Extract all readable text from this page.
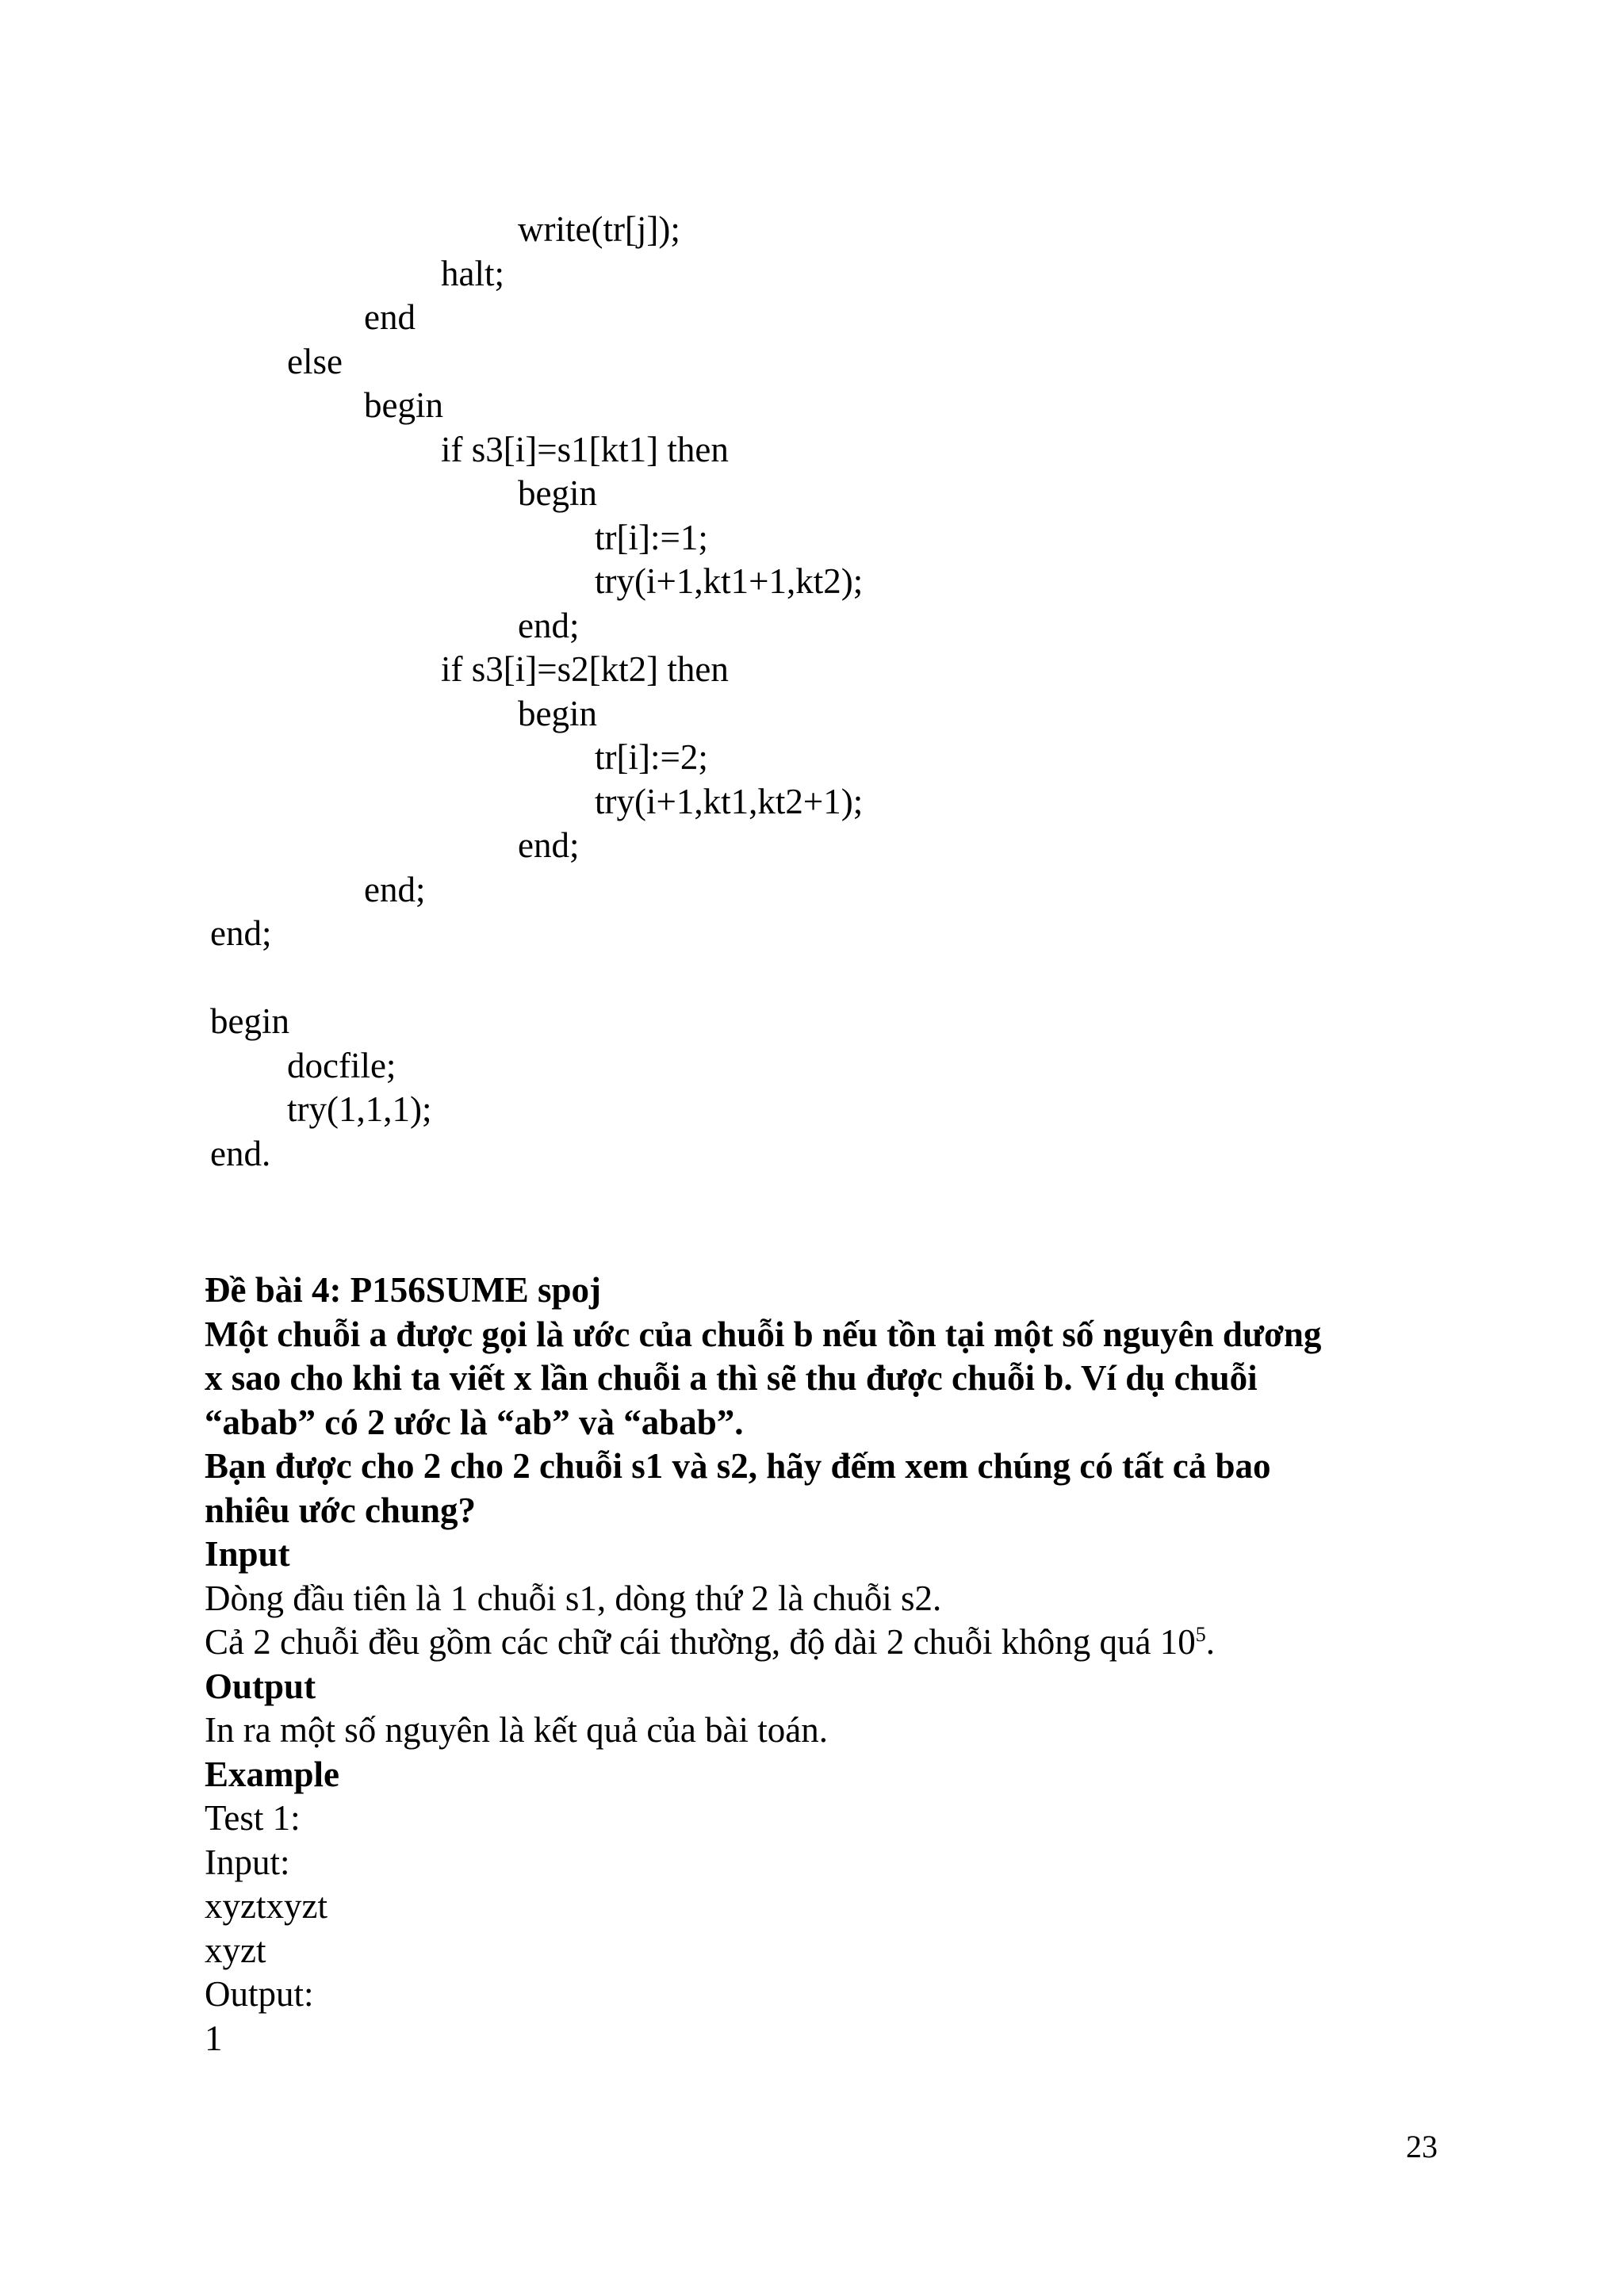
write(tr[j]);
halt;
end
else
begin
if s3[i]=s1[kt1] then
begin
tr[i]:=1;
try(i+1,kt1+1,kt2);
end;
if s3[i]=s2[kt2] then
begin
tr[i]:=2;
try(i+1,kt1,kt2+1);
end;
end;
end;
begin
docfile;
try(1,1,1);
end.
Đề bài 4: P156SUME spoj
Một chuỗi a được gọi là ước của chuỗi b nếu tồn tại một số nguyên dương
x sao cho khi ta viết x lần chuỗi a thì sẽ thu được chuỗi b. Ví dụ chuỗi
“abab” có 2 ước là “ab” và “abab”.
Bạn được cho 2 cho 2 chuỗi s1 và s2, hãy đếm xem chúng có tất cả bao
nhiêu ước chung?
Input
Dòng đầu tiên là 1 chuỗi s1, dòng thứ 2 là chuỗi s2.
Cả 2 chuỗi đều gồm các chữ cái thường, độ dài 2 chuỗi không quá $10^5$.
Output
In ra một số nguyên là kết quả của bài toán.
Example
Test 1:
Input:
xyztxyzt
xyzt
Output:
1
23
